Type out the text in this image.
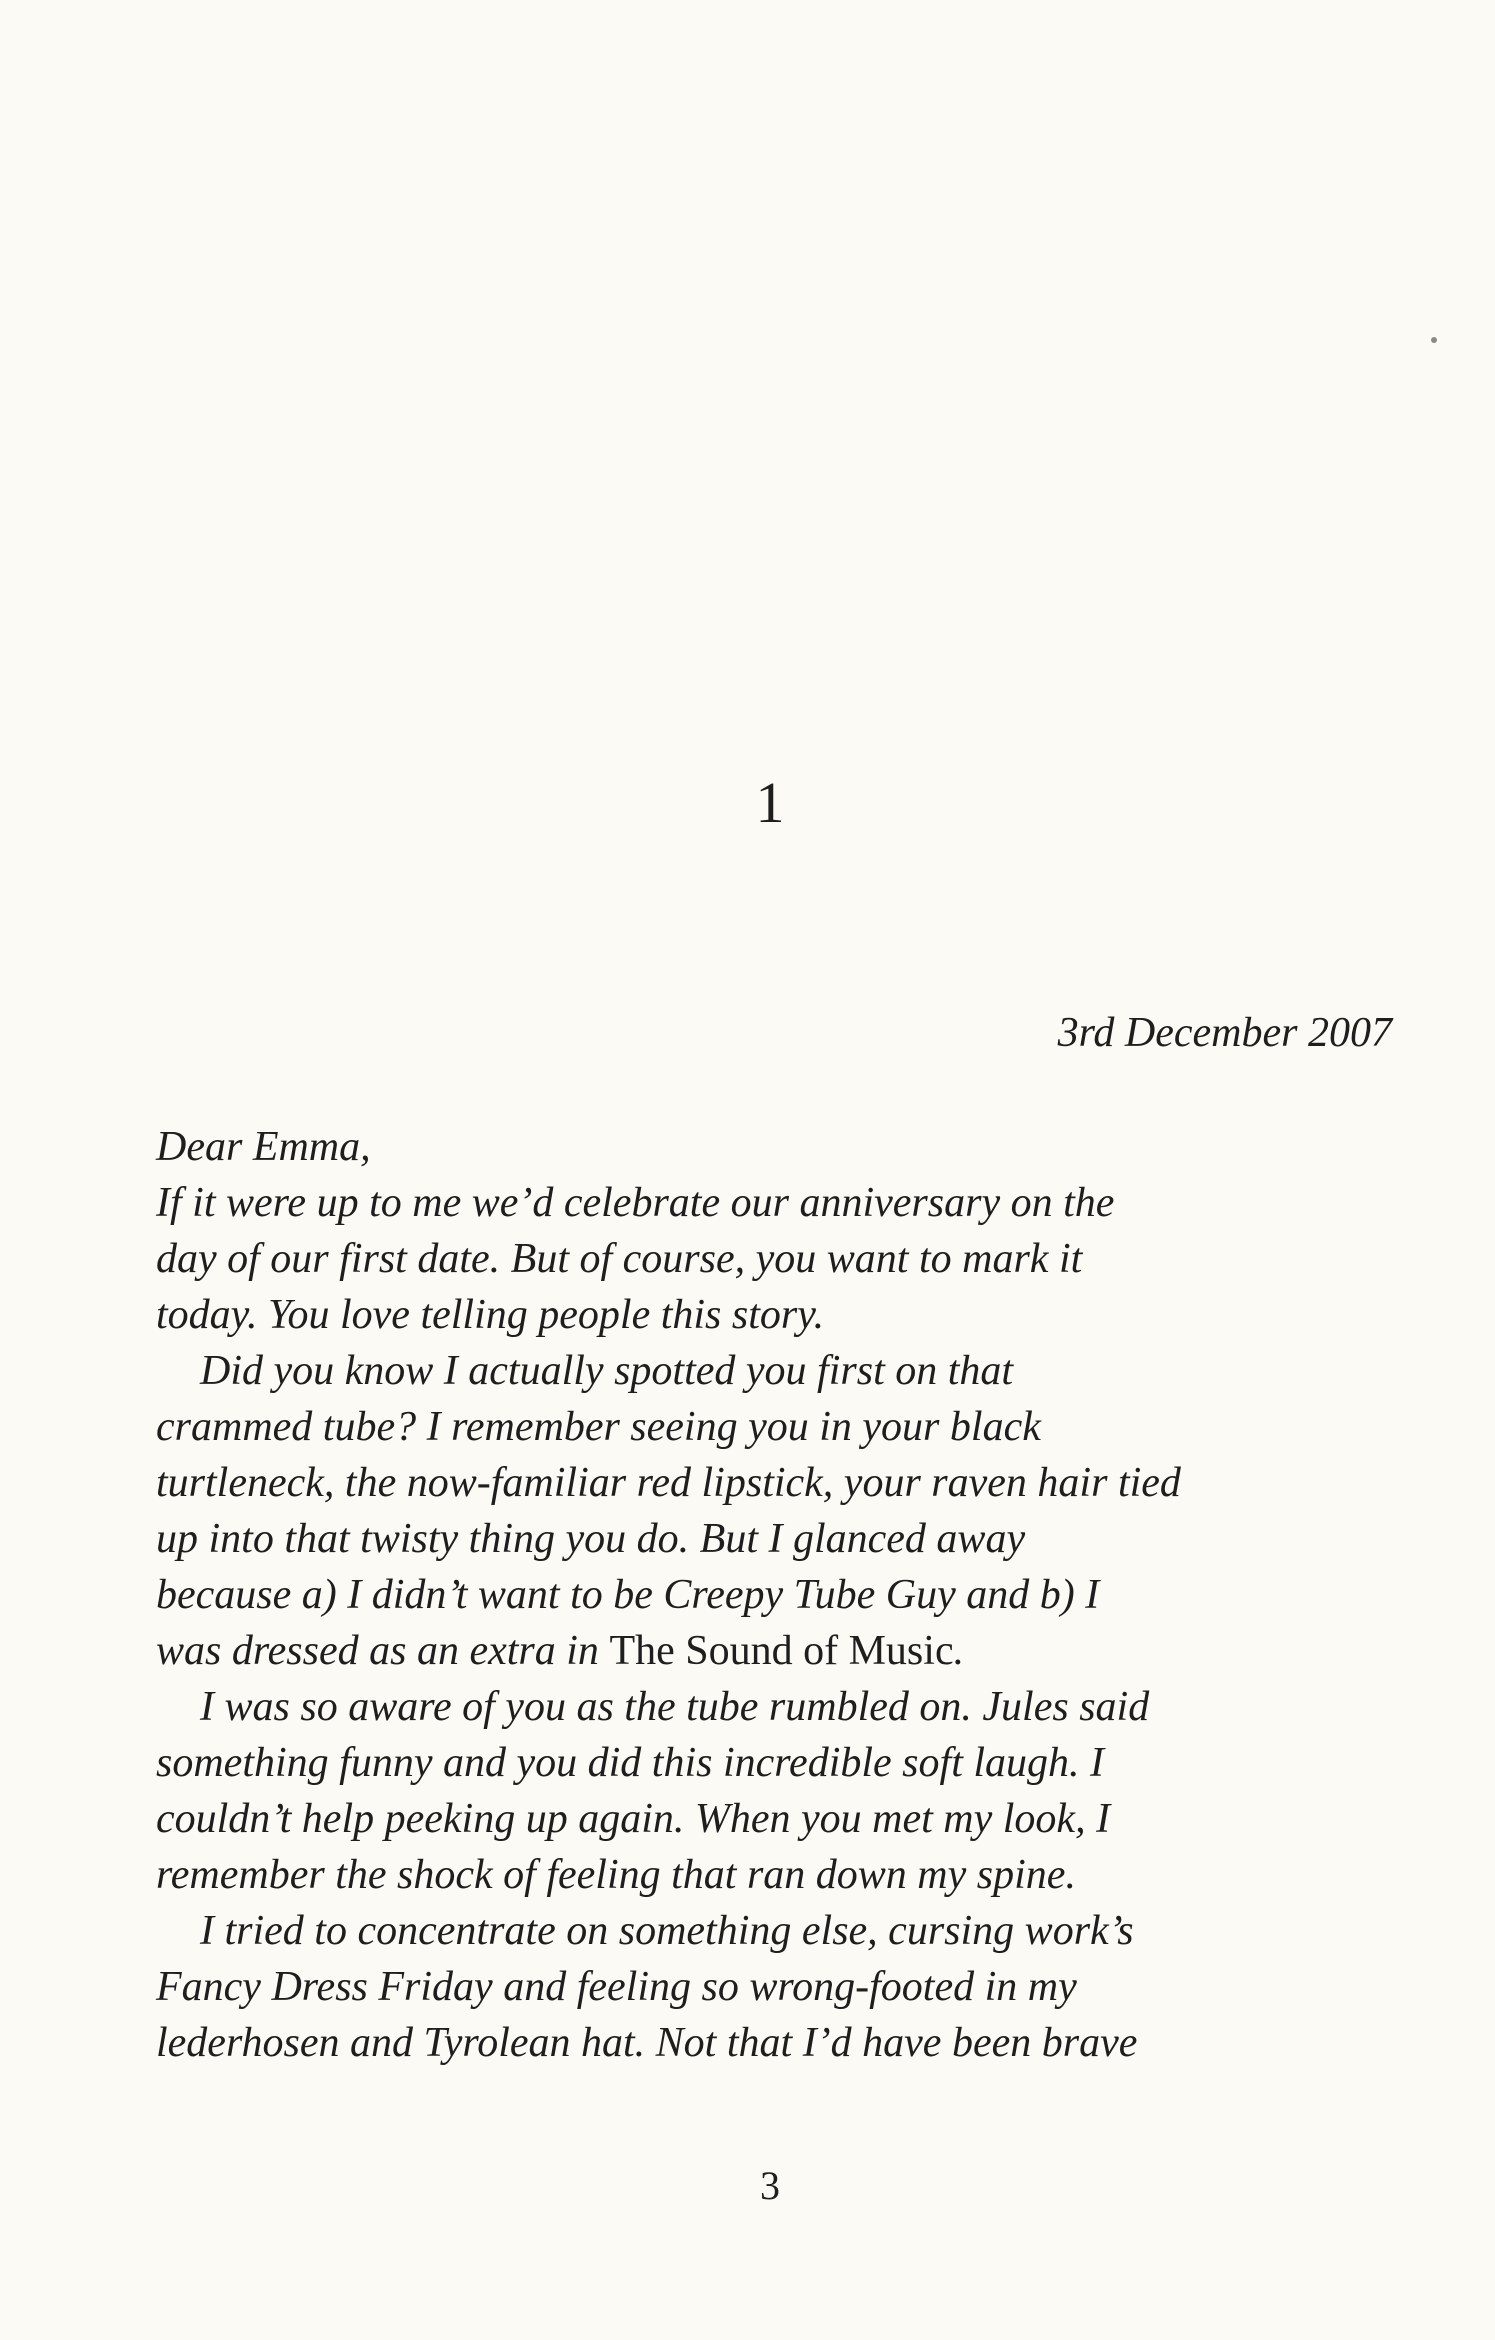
1
3rd December 2007
Dear Emma,
If it were up to me we’d celebrate our anniversary on the
day of our first date. But of course, you want to mark it
today. You love telling people this story.
Did you know I actually spotted you first on that
crammed tube? I remember seeing you in your black
turtleneck, the now-familiar red lipstick, your raven hair tied
up into that twisty thing you do. But I glanced away
because a) I didn’t want to be Creepy Tube Guy and b) I
was dressed as an extra in The Sound of Music.
I was so aware of you as the tube rumbled on. Jules said
something funny and you did this incredible soft laugh. I
couldn’t help peeking up again. When you met my look, I
remember the shock of feeling that ran down my spine.
I tried to concentrate on something else, cursing work’s
Fancy Dress Friday and feeling so wrong-footed in my
lederhosen and Tyrolean hat. Not that I’d have been brave
3
